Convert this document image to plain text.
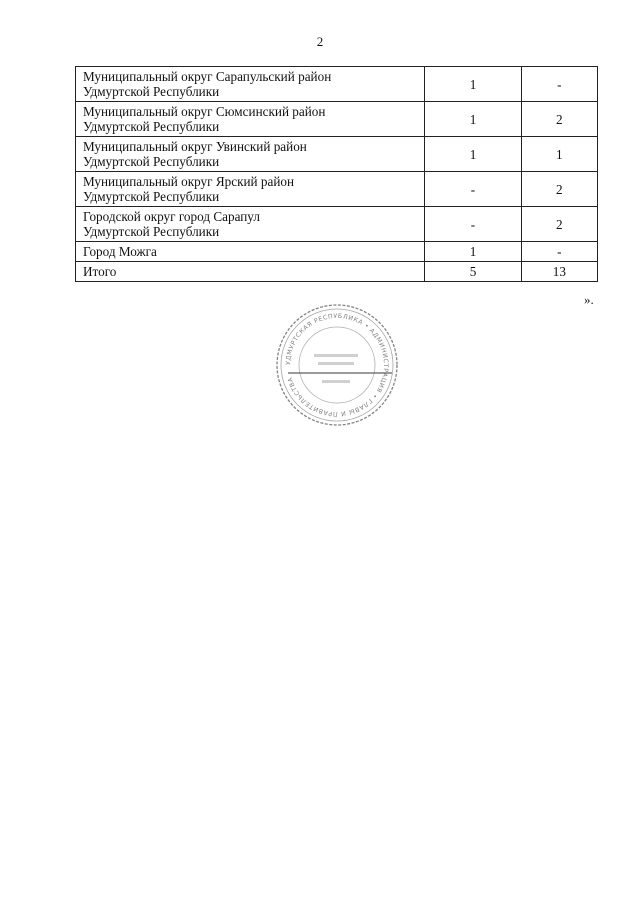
2
Муниципальный округ Сарапульский район
Удмуртской Республики	1	-

Муниципальный округ Сюмсинский район
Удмуртской Республики	1	2

Муниципальный округ Увинский район
Удмуртской Республики	1	1

Муниципальный округ Ярский район
Удмуртской Республики	-	2

Городской округ город Сарапул
Удмуртской Республики	-	2

Город Можга	1	-
Итого	5	13
».
УДМУРТСКАЯ РЕСПУБЛИКА • АДМИНИСТРАЦИЯ • ГЛАВЫ И ПРАВИТЕЛЬСТВА
